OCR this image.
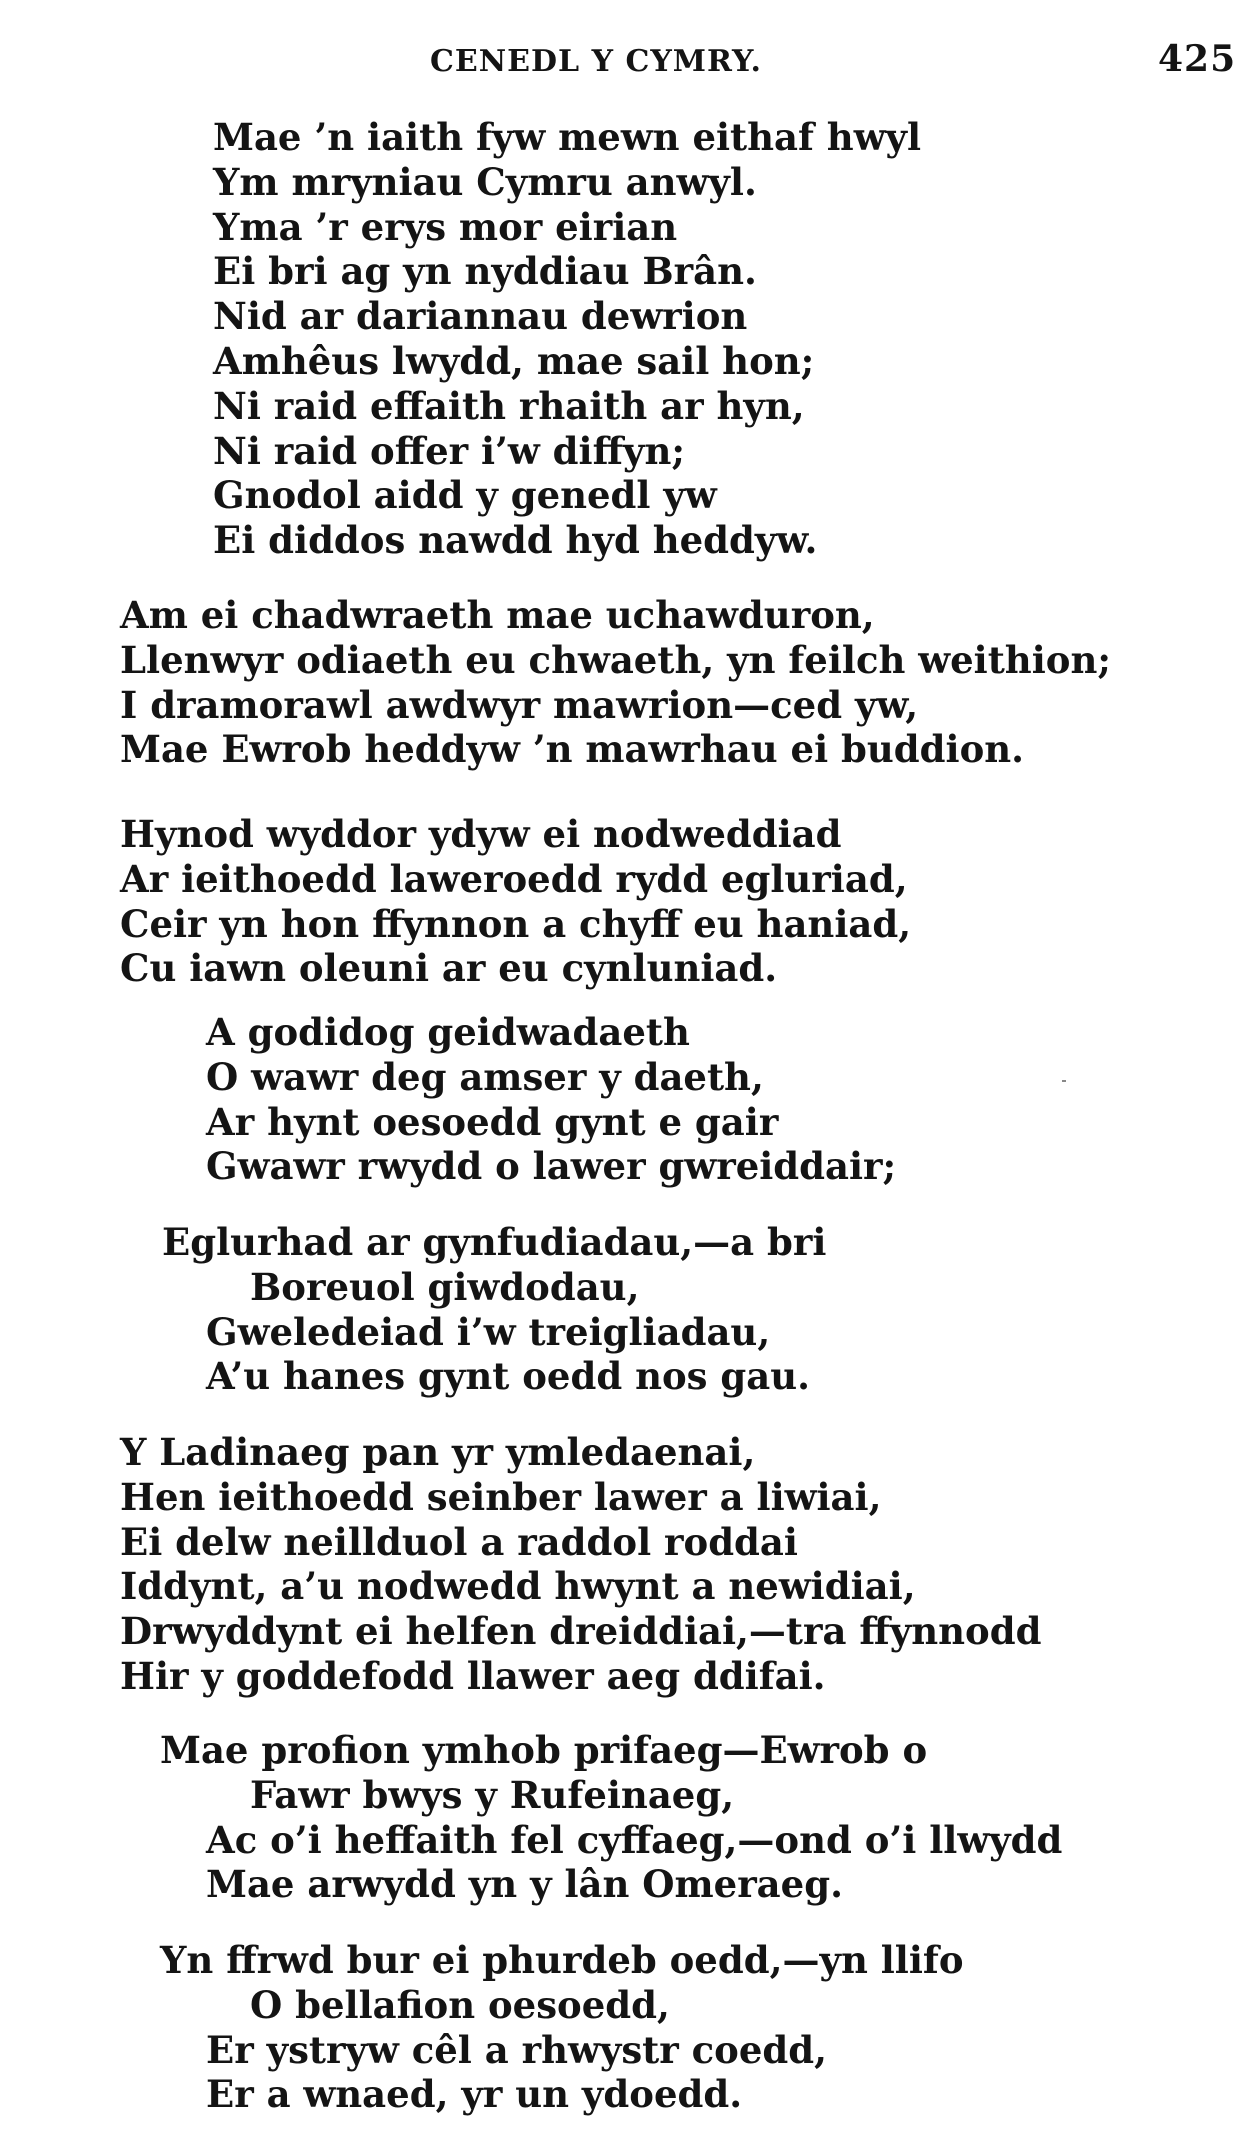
CENEDL Y CYMRY.	425
Mae ’n iaith fyw mewn eithaf hwyl
Ym mryniau Cymru anwyl.
Yma ’r erys mor eirian
Ei bri ag yn nyddiau Brân.
Nid ar dariannau dewrion
Amhêus lwydd, mae sail hon;
Ni raid effaith rhaith ar hyn,
Ni raid offer i’w diffyn;
Gnodol aidd y genedl yw
Ei diddos nawdd hyd heddyw.
Am ei chadwraeth mae uchawduron,
Llenwyr odiaeth eu chwaeth, yn feilch weithion;
I dramorawl awdwyr mawrion—ced yw,
Mae Ewrob heddyw ’n mawrhau ei buddion.
Hynod wyddor ydyw ei nodweddiad
Ar ieithoedd laweroedd rydd egluriad,
Ceir yn hon ffynnon a chyff eu haniad,
Cu iawn oleuni ar eu cynluniad.
A godidog geidwadaeth
O wawr deg amser y daeth,
Ar hynt oesoedd gynt e gair
Gwawr rwydd o lawer gwreiddair;
Eglurhad ar gynfudiadau,—a bri
Boreuol giwdodau,
Gweledeiad i’w treigliadau,
A’u hanes gynt oedd nos gau.
Y Ladinaeg pan yr ymledaenai,
Hen ieithoedd seinber lawer a liwiai,
Ei delw neillduol a raddol roddai
Iddynt, a’u nodwedd hwynt a newidiai,
Drwyddynt ei helfen dreiddiai,—tra ffynnodd
Hir y goddefodd llawer aeg ddifai.
Mae profion ymhob prifaeg—Ewrob o
Fawr bwys y Rufeinaeg,
Ac o’i heffaith fel cyffaeg,—ond o’i llwydd
Mae arwydd yn y lân Omeraeg.
Yn ffrwd bur ei phurdeb oedd,—yn llifo
O bellafion oesoedd,
Er ystryw cêl a rhwystr coedd,
Er a wnaed, yr un ydoedd.
